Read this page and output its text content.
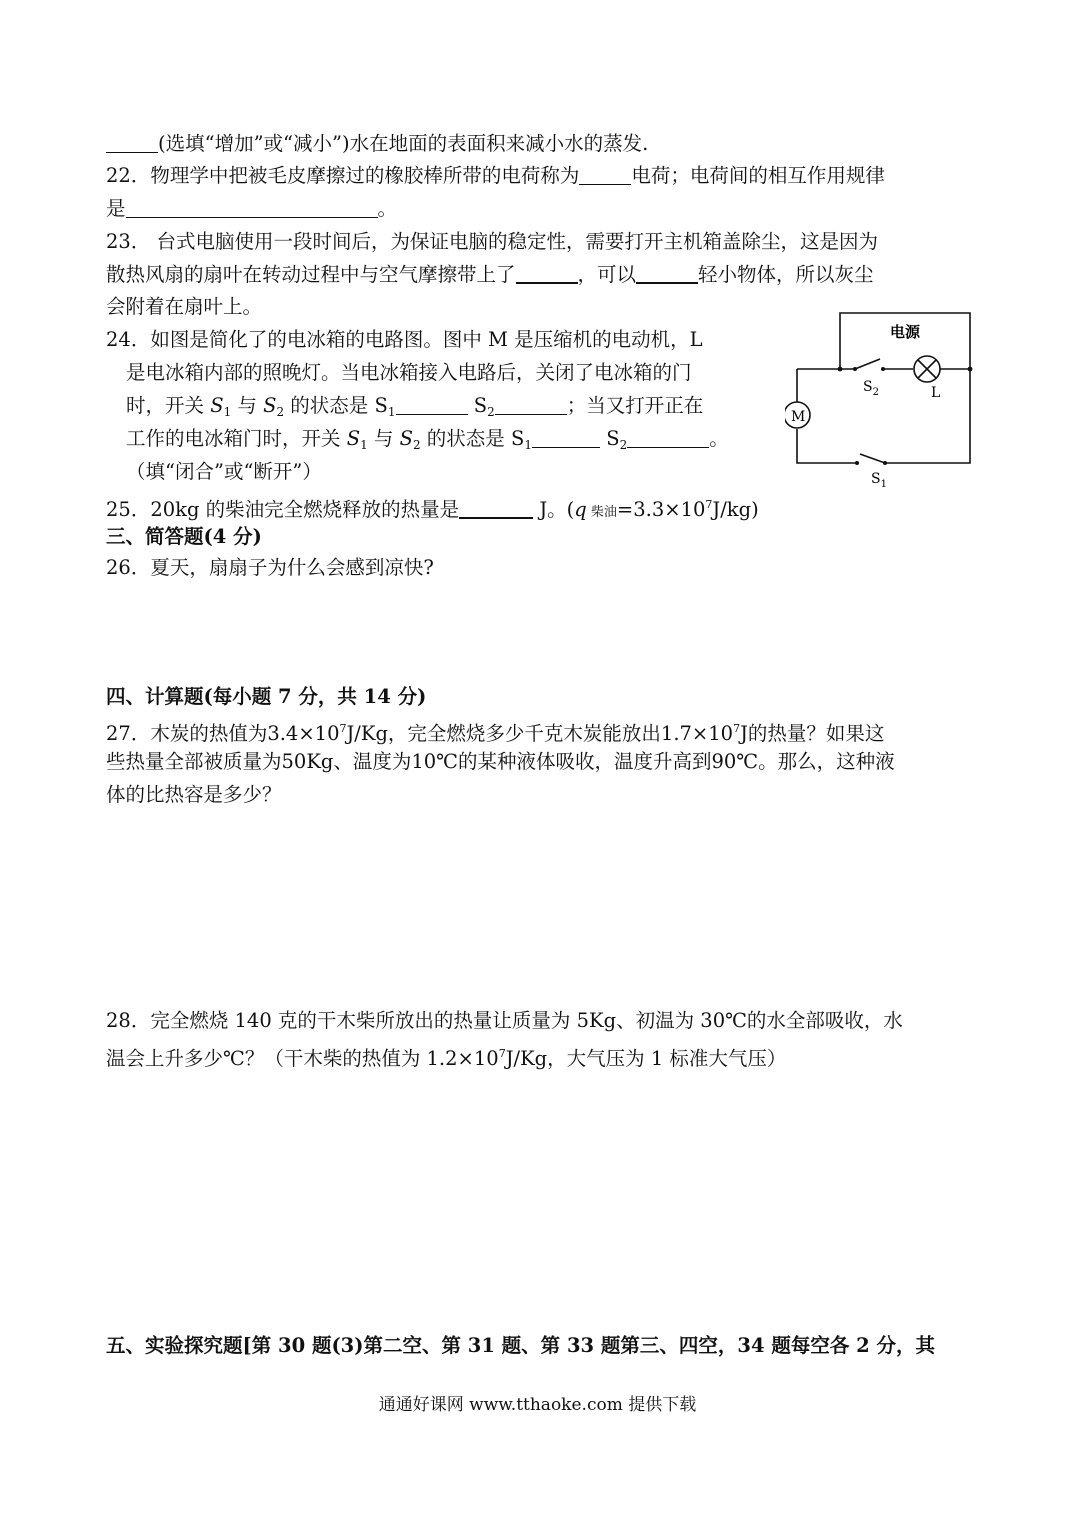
(选填“增加”或“减小”)水在地面的表面积来减小水的蒸发.
22．物理学中把被毛皮摩擦过的橡胶棒所带的电荷称为	电荷；电荷间的相互作用规律
是	。
23． 台式电脑使用一段时间后，为保证电脑的稳定性，需要打开主机箱盖除尘，这是因为
散热风扇的扇叶在转动过程中与空气摩擦带上了	，可以	轻小物体，所以灰尘
会附着在扇叶上。
24．如图是简化了的电冰箱的电路图。图中 M 是压缩机的电动机，L
是电冰箱内部的照晚灯。当电冰箱接入电路后，关闭了电冰箱的门
时，开关 $S_1$ 与 $S_2$ 的状态是 $S_1$	$S_2$	；当又打开正在
工作的电冰箱门时，开关 $S_1$ 与 $S_2$ 的状态是 $S_1$	$S_2$	。
（填“闭合”或“断开”）
电源
M
$S_2$	L
$S_1$
25．20kg 的柴油完全燃烧释放的热量是	J。(q 柴油$=3.3\times 10^7J/kg$)
三、简答题(4 分)
26．夏天，扇扇子为什么会感到凉快?
四、计算题(每小题 7 分，共 14 分)
27．木炭的热值为$3.4\times 10^7J/Kg$，完全燃烧多少千克木炭能放出$1.7\times 10^7J$的热量？如果这
些热量全部被质量为50Kg、温度为10℃的某种液体吸收，温度升高到90℃。那么，这种液
体的比热容是多少？
28．完全燃烧 140 克的干木柴所放出的热量让质量为 5Kg、初温为 30℃的水全部吸收，水
温会上升多少℃？（干木柴的热值为 $1.2\times 10^7J/Kg$，大气压为 1 标准大气压）
五、实验探究题[第 30 题(3)第二空、第 31 题、第 33 题第三、四空，34 题每空各 2 分，其
通通好课网 www.tthaoke.com 提供下载
